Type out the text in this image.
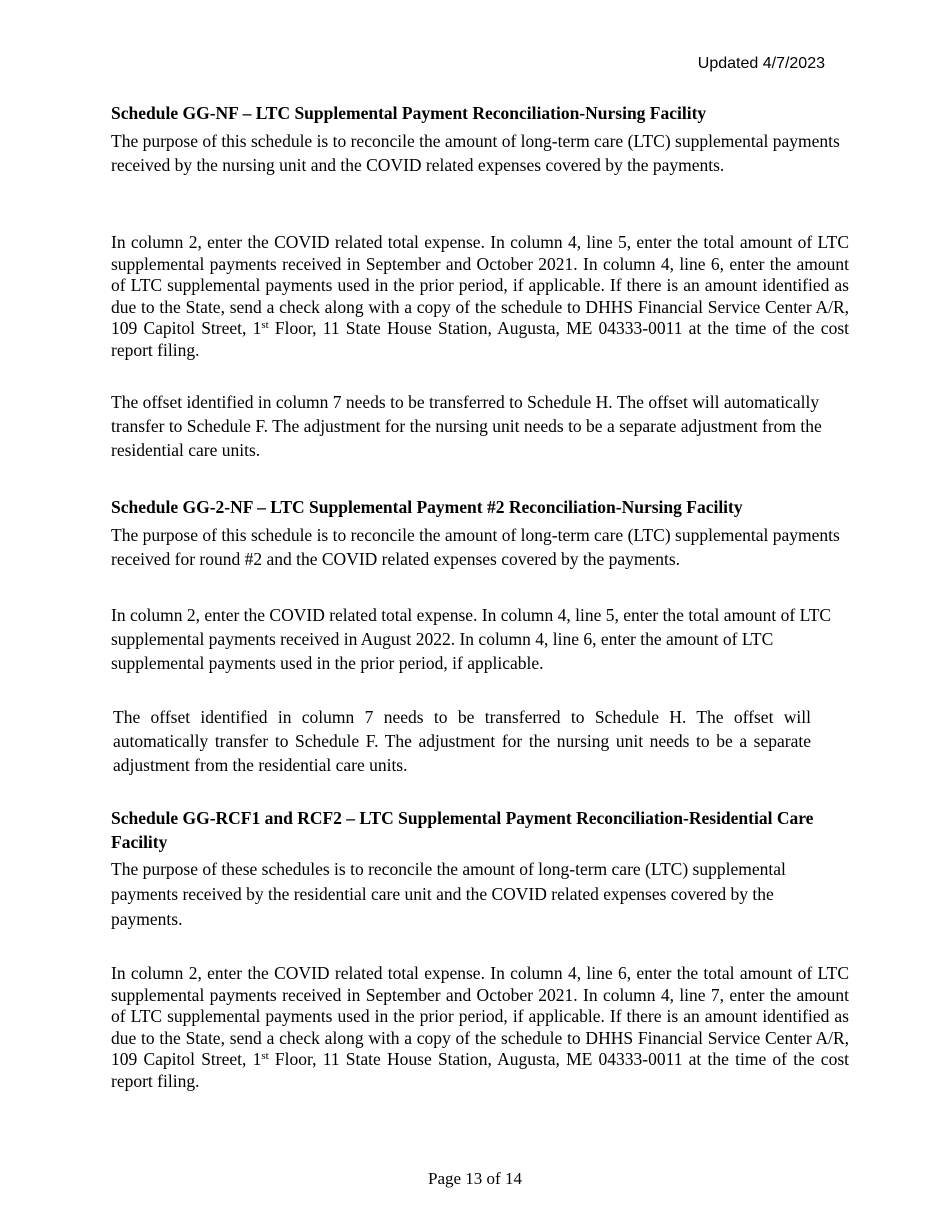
Updated 4/7/2023
Schedule GG-NF – LTC Supplemental Payment Reconciliation-Nursing Facility

The purpose of this schedule is to reconcile the amount of long-term care (LTC) supplemental payments received by the nursing unit and the COVID related expenses covered by the payments.

In column 2, enter the COVID related total expense. In column 4, line 5, enter the total amount of LTC supplemental payments received in September and October 2021. In column 4, line 6, enter the amount of LTC supplemental payments used in the prior period, if applicable. If there is an amount identified as due to the State, send a check along with a copy of the schedule to DHHS Financial Service Center A/R, 109 Capitol Street, 1st Floor, 11 State House Station, Augusta, ME 04333-0011 at the time of the cost report filing.

The offset identified in column 7 needs to be transferred to Schedule H. The offset will automatically transfer to Schedule F. The adjustment for the nursing unit needs to be a separate adjustment from the residential care units.

Schedule GG-2-NF – LTC Supplemental Payment #2 Reconciliation-Nursing Facility

The purpose of this schedule is to reconcile the amount of long-term care (LTC) supplemental payments received for round #2 and the COVID related expenses covered by the payments.

In column 2, enter the COVID related total expense. In column 4, line 5, enter the total amount of LTC supplemental payments received in August 2022. In column 4, line 6, enter the amount of LTC supplemental payments used in the prior period, if applicable.

The offset identified in column 7 needs to be transferred to Schedule H. The offset will automatically transfer to Schedule F. The adjustment for the nursing unit needs to be a separate adjustment from the residential care units.

Schedule GG-RCF1 and RCF2 – LTC Supplemental Payment Reconciliation-Residential Care Facility

The purpose of these schedules is to reconcile the amount of long-term care (LTC) supplemental payments received by the residential care unit and the COVID related expenses covered by the payments.

In column 2, enter the COVID related total expense. In column 4, line 6, enter the total amount of LTC supplemental payments received in September and October 2021. In column 4, line 7, enter the amount of LTC supplemental payments used in the prior period, if applicable. If there is an amount identified as due to the State, send a check along with a copy of the schedule to DHHS Financial Service Center A/R, 109 Capitol Street, 1st Floor, 11 State House Station, Augusta, ME 04333-0011 at the time of the cost report filing.

Page 13 of 14
